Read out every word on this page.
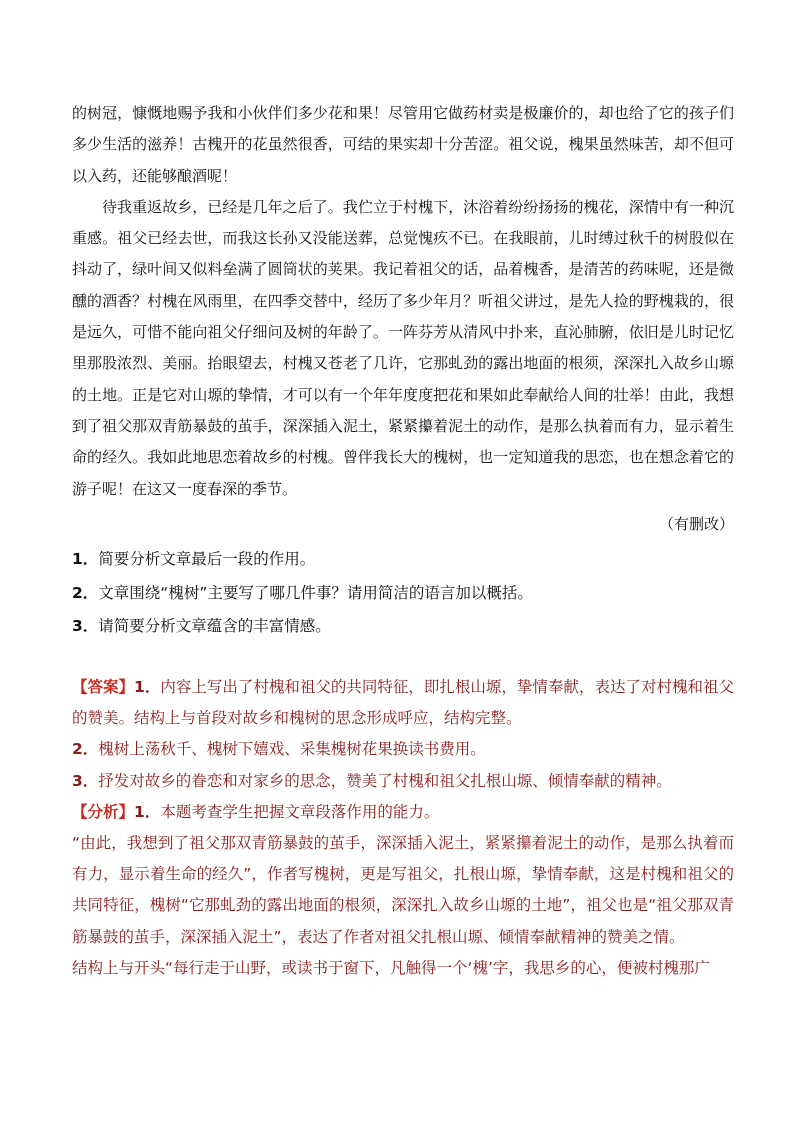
的树冠，慷慨地赐予我和小伙伴们多少花和果！尽管用它做药材卖是极廉价的，却也给了它的孩子们多少生活的滋养！古槐开的花虽然很香，可结的果实却十分苦涩。祖父说，槐果虽然味苦，却不但可以入药，还能够酿酒呢！

待我重返故乡，已经是几年之后了。我伫立于村槐下，沐浴着纷纷扬扬的槐花，深情中有一种沉重感。祖父已经去世，而我这长孙又没能送葬，总觉愧疚不已。在我眼前，儿时缚过秋千的树股似在抖动了，绿叶间又似料垒满了圆筒状的荚果。我记着祖父的话，品着槐香，是清苦的药味呢，还是微醺的酒香？村槐在风雨里，在四季交替中，经历了多少年月？听祖父讲过，是先人捡的野槐栽的，很是远久，可惜不能向祖父仔细问及树的年龄了。一阵芬芳从清风中扑来，直沁肺腑，依旧是儿时记忆里那股浓烈、美丽。抬眼望去，村槐又苍老了几许，它那虬劲的露出地面的根须，深深扎入故乡山塬的土地。正是它对山塬的挚情，才可以有一个年年度度把花和果如此奉献给人间的壮举！由此，我想到了祖父那双青筋暴鼓的茧手，深深插入泥土，紧紧攥着泥土的动作，是那么执着而有力，显示着生命的经久。我如此地思恋着故乡的村槐。曾伴我长大的槐树，也一定知道我的思恋，也在想念着它的游子呢！在这又一度春深的季节。

（有删改）
1．简要分析文章最后一段的作用。
2．文章围绕“槐树”主要写了哪几件事？请用简洁的语言加以概括。
3．请简要分析文章蕴含的丰富情感。

【答案】1．内容上写出了村槐和祖父的共同特征，即扎根山塬，挚情奉献，表达了对村槐和祖父的赞美。结构上与首段对故乡和槐树的思念形成呼应，结构完整。

2．槐树上荡秋千、槐树下嬉戏、采集槐树花果换读书费用。

3．抒发对故乡的眷恋和对家乡的思念，赞美了村槐和祖父扎根山塬、倾情奉献的精神。

【分析】1．本题考查学生把握文章段落作用的能力。

“由此，我想到了祖父那双青筋暴鼓的茧手，深深插入泥土，紧紧攥着泥土的动作，是那么执着而有力，显示着生命的经久”，作者写槐树，更是写祖父，扎根山塬，挚情奉献，这是村槐和祖父的共同特征，槐树“它那虬劲的露出地面的根须，深深扎入故乡山塬的土地”，祖父也是“祖父那双青筋暴鼓的茧手，深深插入泥土”，表达了作者对祖父扎根山塬、倾情奉献精神的赞美之情。

结构上与开头“每行走于山野，或读书于窗下，凡触得一个‘槐’字，我思乡的心，便被村槐那广
